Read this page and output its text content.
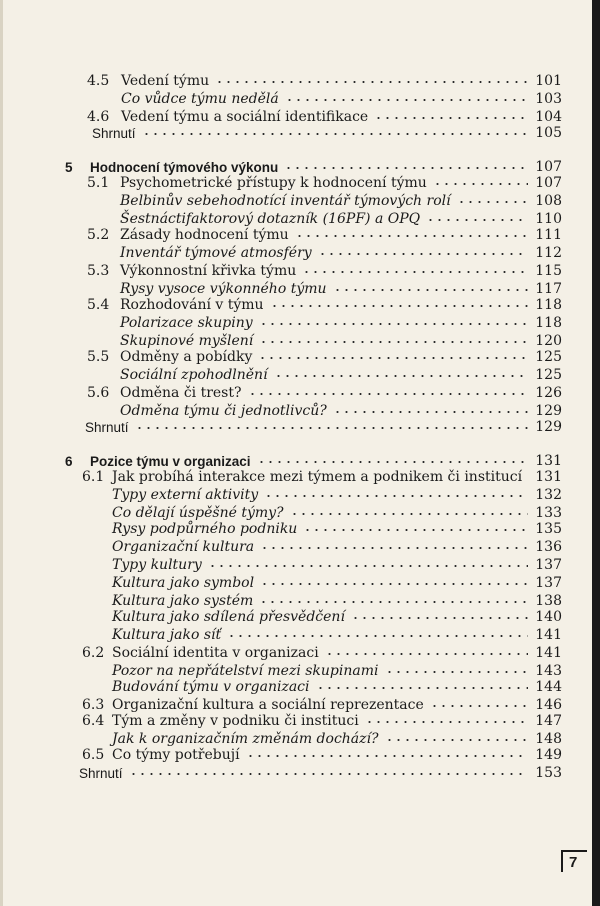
4.5 Vedení týmu	101
Co vůdce týmu nedělá	103
4.6 Vedení týmu a sociální identifikace	104
Shrnutí	105
5 Hodnocení týmového výkonu	107
5.1 Psychometrické přístupy k hodnocení týmu	107
Belbinův sebehodnotící inventář týmových rolí	108
Šestnáctifaktorový dotazník (16PF) a OPQ	110
5.2 Zásady hodnocení týmu	111
Inventář týmové atmosféry	112
5.3 Výkonnostní křivka týmu	115
Rysy vysoce výkonného týmu	117
5.4 Rozhodování v týmu	118
Polarizace skupiny	118
Skupinové myšlení	120
5.5 Odměny a pobídky	125
Sociální zpohodlnění	125
5.6 Odměna či trest?	126
Odměna týmu či jednotlivců?	129
Shrnutí	129
6 Pozice týmu v organizaci	131
6.1 Jak probíhá interakce mezi týmem a podnikem či institucí 131
Typy externí aktivity	132
Co dělají úspěšné týmy?	133
Rysy podpůrného podniku	135
Organizační kultura	136
Typy kultury	137
Kultura jako symbol	137
Kultura jako systém	138
Kultura jako sdílená přesvědčení	140
Kultura jako síť	141
6.2 Sociální identita v organizaci	141
Pozor na nepřátelství mezi skupinami	143
Budování týmu v organizaci	144
6.3 Organizační kultura a sociální reprezentace	146
6.4 Tým a změny v podniku či instituci	147
Jak k organizačním změnám dochází?	148
6.5 Co týmy potřebují	149
Shrnutí	153
7
